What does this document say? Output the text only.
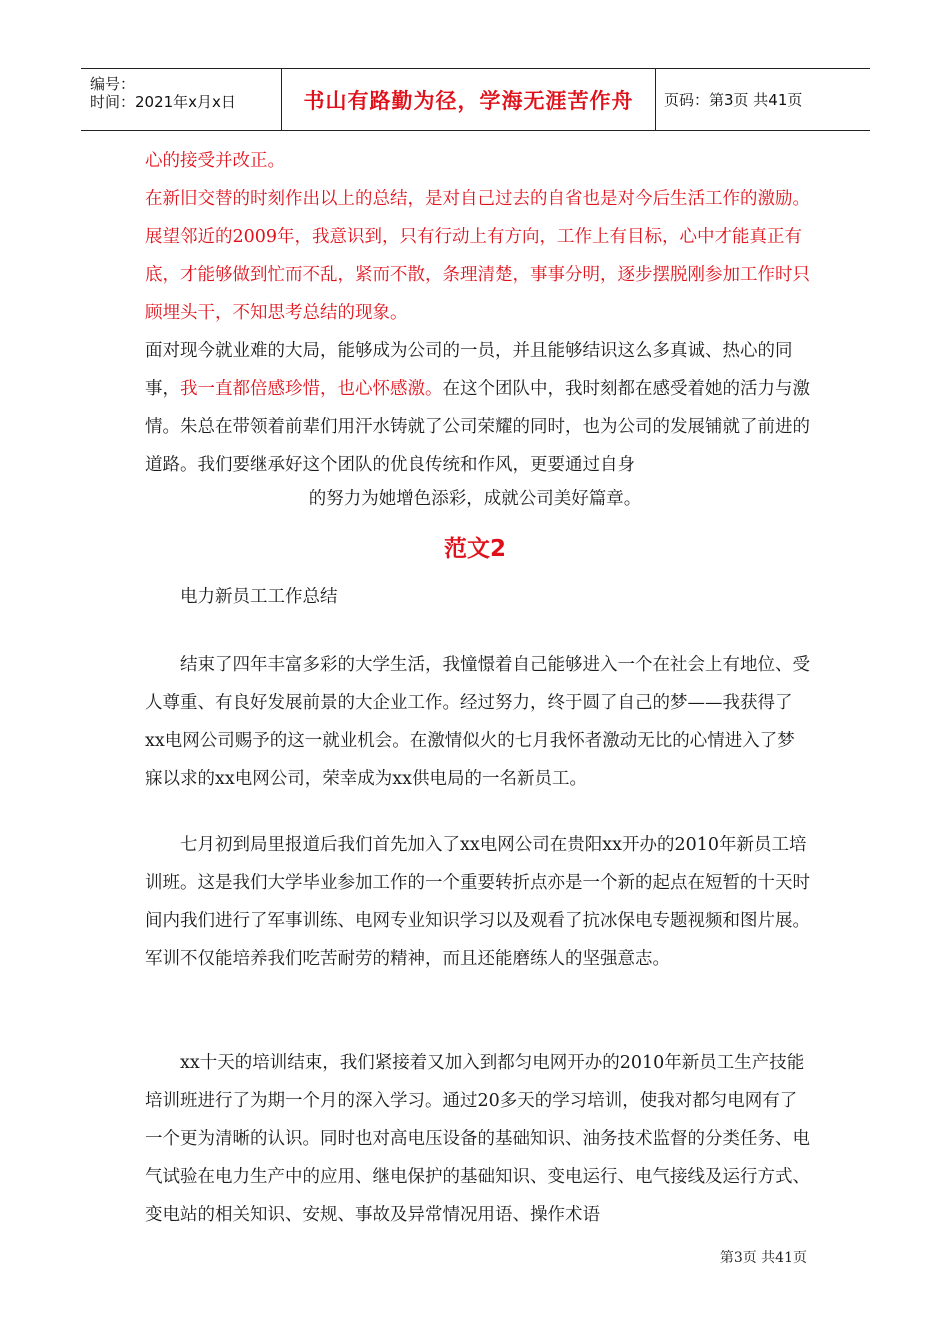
编号：
时间：2021年x月x日	书山有路勤为径，学海无涯苦作舟	页码：第3页 共41页

心的接受并改正。

在新旧交替的时刻作出以上的总结，是对自己过去的自省也是对今后生活工作的激励。展望邻近的2009年，我意识到，只有行动上有方向，工作上有目标，心中才能真正有底，才能够做到忙而不乱，紧而不散，条理清楚，事事分明，逐步摆脱刚参加工作时只顾埋头干，不知思考总结的现象。

面对现今就业难的大局，能够成为公司的一员，并且能够结识这么多真诚、热心的同事，我一直都倍感珍惜，也心怀感激。在这个团队中，我时刻都在感受着她的活力与激情。朱总在带领着前辈们用汗水铸就了公司荣耀的同时，也为公司的发展铺就了前进的道路。我们要继承好这个团队的优良传统和作风，更要通过自身

的努力为她增色添彩，成就公司美好篇章。

范文2

电力新员工工作总结

结束了四年丰富多彩的大学生活，我憧憬着自己能够进入一个在社会上有地位、受人尊重、有良好发展前景的大企业工作。经过努力，终于圆了自己的梦——我获得了xx电网公司赐予的这一就业机会。在激情似火的七月我怀者激动无比的心情进入了梦寐以求的xx电网公司，荣幸成为xx供电局的一名新员工。

七月初到局里报道后我们首先加入了xx电网公司在贵阳xx开办的2010年新员工培训班。这是我们大学毕业参加工作的一个重要转折点亦是一个新的起点在短暂的十天时间内我们进行了军事训练、电网专业知识学习以及观看了抗冰保电专题视频和图片展。军训不仅能培养我们吃苦耐劳的精神，而且还能磨练人的坚强意志。

xx十天的培训结束，我们紧接着又加入到都匀电网开办的2010年新员工生产技能培训班进行了为期一个月的深入学习。通过20多天的学习培训，使我对都匀电网有了一个更为清晰的认识。同时也对高电压设备的基础知识、油务技术监督的分类任务、电气试验在电力生产中的应用、继电保护的基础知识、变电运行、电气接线及运行方式、变电站的相关知识、安规、事故及异常情况用语、操作术语

第3页 共41页
